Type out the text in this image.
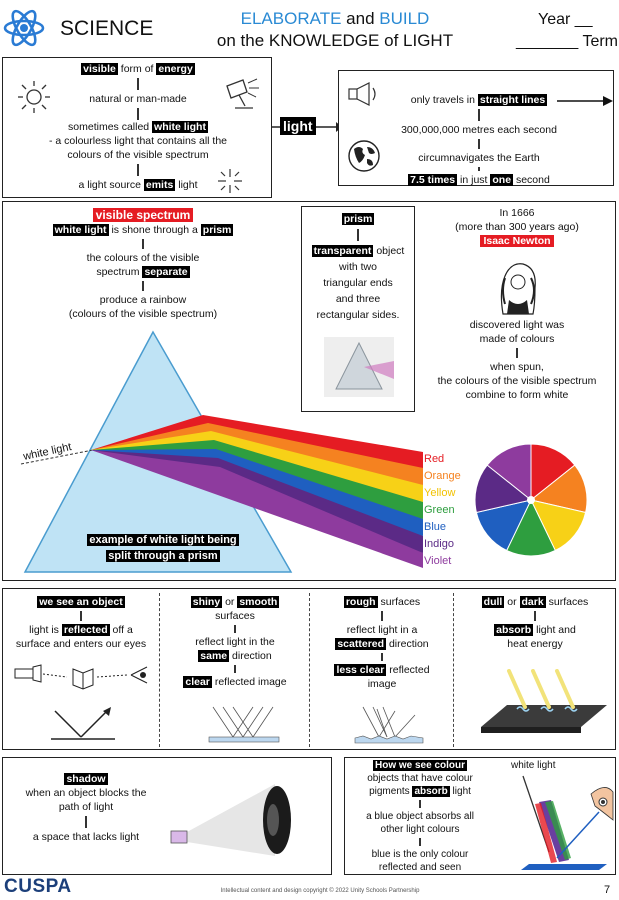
SCIENCE	ELABORATE and BUILD
on the KNOWLEDGE of LIGHT
Year __
_______ Term
visible form of energy
natural or man-made
sometimes called white light
- a colourless light that contains all the
colours of the visible spectrum
a light source emits light
light
only travels in straight lines
300,000,000 metres each second
circumnavigates the Earth
7.5 times in just one second
visible spectrum
white light is shone through a prism
the colours of the visible
spectrum separate
produce a rainbow
(colours of the visible spectrum)
white light
example of white light being
split through a prism
Red
Orange
Yellow
Green
Blue
Indigo
Violet
prism
transparent object
with two
triangular ends
and three
rectangular sides.
In 1666
(more than 300 years ago)
Isaac Newton
discovered light was
made of colours
when spun,
the colours of the visible spectrum
combine to form white
we see an object
light is reflected off a
surface and enters our eyes
shiny or smooth
surfaces
reflect light in the
same direction
clear reflected image
rough surfaces
reflect light in a
scattered direction
less clear reflected
image
dull or dark surfaces
absorb light and
heat energy
shadow
when an object blocks the
path of light
a space that lacks light
How we see colour
objects that have colour
pigments absorb light
a blue object absorbs all
other light colours
blue is the only colour
reflected and seen
white light
CUSPA	Intellectual content and design copyright © 2022 Unity Schools Partnership	7
